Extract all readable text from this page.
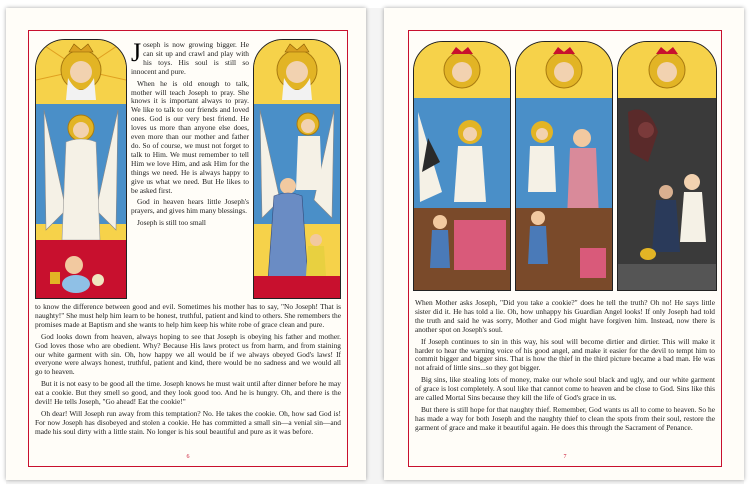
Joseph is now growing bigger. He can sit up and crawl and play with his toys. His soul is still so innocent and pure.

When he is old enough to talk, mother will teach Joseph to pray. She knows it is important always to pray. We like to talk to our friends and loved ones. God is our very best friend. He loves us more than anyone else does, even more than our mother and father do. So of course, we must not forget to talk to Him. We must remember to tell Him we love Him, and ask Him for the things we need. He is always happy to give us what we need. But He likes to be asked first.

God in heaven hears little Joseph's prayers, and gives him many blessings.

Joseph is still too small

to know the difference between good and evil. Sometimes his mother has to say, "No Joseph! That is naughty!" She must help him learn to be honest, truthful, patient and kind to others. She remembers the promises made at Baptism and she wants to help him keep his white robe of grace clean and pure.

God looks down from heaven, always hoping to see that Joseph is obeying his father and mother. God loves those who are obedient. Why? Because His laws protect us from harm, and from staining our white garment with sin. Oh, how happy we all would be if we always obeyed God's laws! If everyone were always honest, truthful, patient and kind, there would be no sadness and we would all go to heaven.

But it is not easy to be good all the time. Joseph knows he must wait until after dinner before he may eat a cookie. But they smell so good, and they look good too. And he is hungry. Oh, and there is the devil! He tells Joseph, "Go ahead! Eat the cookie!"

Oh dear! Will Joseph run away from this temptation? No. He takes the cookie. Oh, how sad God is! For now Joseph has disobeyed and stolen a cookie. He has committed a small sin—a venial sin—and made his soul dirty with a little stain. No longer is his soul beautiful and pure as it was before.

6

When Mother asks Joseph, "Did you take a cookie?" does he tell the truth? Oh no! He says little sister did it. He has told a lie. Oh, how unhappy his Guardian Angel looks! If only Joseph had told the truth and said he was sorry, Mother and God might have forgiven him. Instead, now there is another spot on Joseph's soul.

If Joseph continues to sin in this way, his soul will become dirtier and dirtier. This will make it harder to hear the warning voice of his good angel, and make it easier for the devil to tempt him to commit bigger and bigger sins. That is how the thief in the third picture became a bad man. He was not afraid of little sins...so they got bigger.

Big sins, like stealing lots of money, make our whole soul black and ugly, and our white garment of grace is lost completely. A soul like that cannot come to heaven and be close to God. Sins like this are called Mortal Sins because they kill the life of God's grace in us.

But there is still hope for that naughty thief. Remember, God wants us all to come to heaven. So he has made a way for both Joseph and the naughty thief to clean the spots from their soul, restore the garment of grace and make it beautiful again. He does this through the Sacrament of Penance.

7
